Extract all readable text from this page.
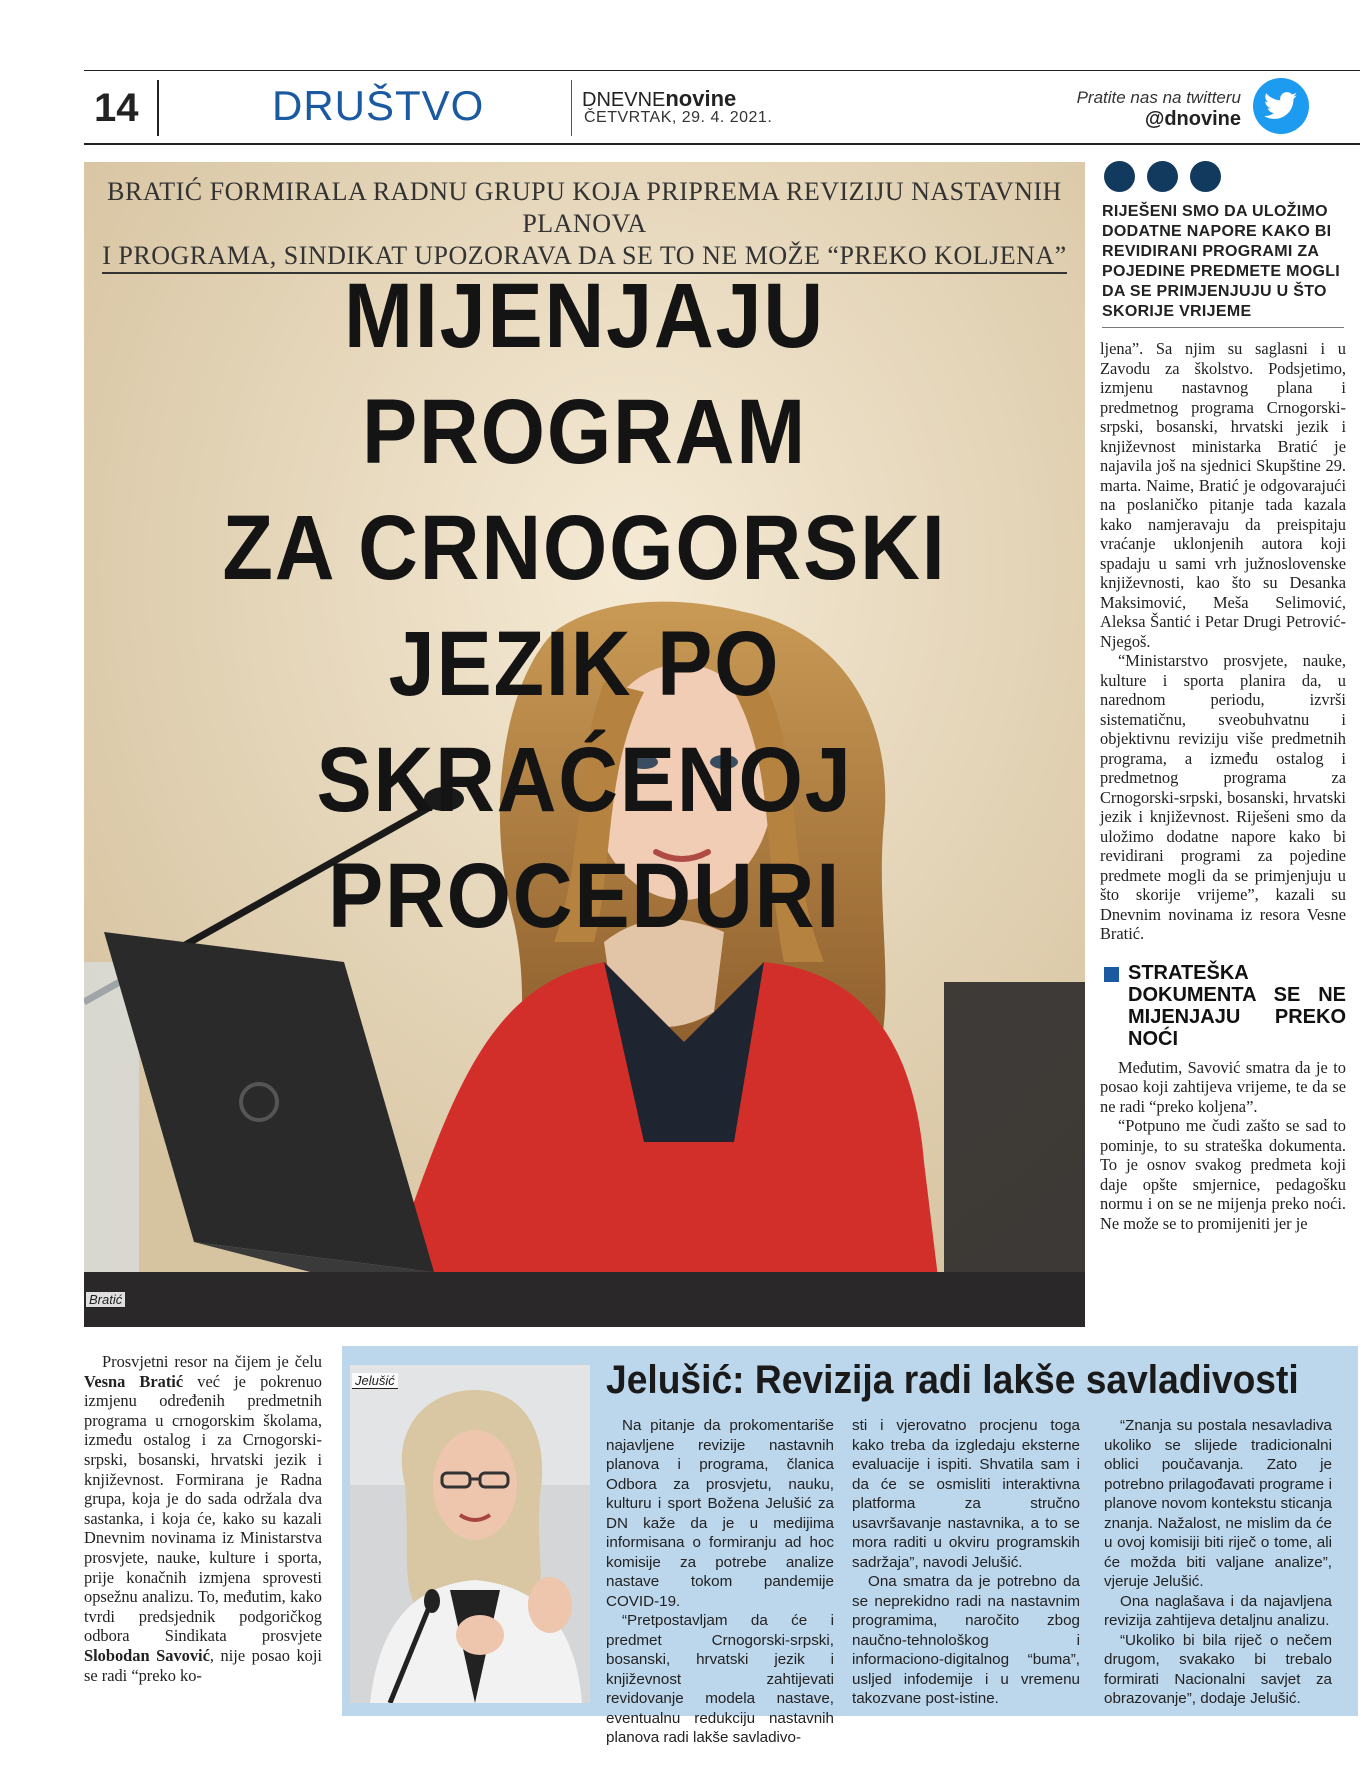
14	DRUŠTVO	DNEVNEnovine
ČETVRTAK, 29. 4. 2021.
Pratite nas na twitteru
@dnovine
BRATIĆ FORMIRALA RADNU GRUPU KOJA PRIPREMA REVIZIJU NASTAVNIH PLANOVA
I PROGRAMA, SINDIKAT UPOZORAVA DA SE TO NE MOŽE “PREKO KOLJENA”
MIJENJAJU PROGRAM
ZA CRNOGORSKI JEZIK PO
SKRAĆENOJ PROCEDURI
Bratić
RIJEŠENI SMO DA ULOŽIMO DODATNE NAPORE KAKO BI REVIDIRANI PROGRAMI ZA POJEDINE PREDMETE MOGLI DA SE PRIMJENJUJU U ŠTO SKORIJE VRIJEME

ljena”. Sa njim su saglasni i u Zavodu za školstvo. Podsjetimo, izmjenu nastavnog plana i predmetnog programa Crnogorski-srpski, bosanski, hrvatski jezik i književnost ministarka Bratić je najavila još na sjednici Skupštine 29. marta. Naime, Bratić je odgovarajući na poslaničko pitanje tada kazala kako namjeravaju da preispitaju vraćanje uklonjenih autora koji spadaju u sami vrh južnoslovenske književnosti, kao što su Desanka Maksimović, Meša Selimović, Aleksa Šantić i Petar Drugi Petrović-Njegoš.

“Ministarstvo prosvjete, nauke, kulture i sporta planira da, u narednom periodu, izvrši sistematičnu, sveobuhvatnu i objektivnu reviziju više predmetnih programa, a između ostalog i predmetnog programa za Crnogorski-srpski, bosanski, hrvatski jezik i književnost. Riješeni smo da uložimo dodatne napore kako bi revidirani programi za pojedine predmete mogli da se primjenjuju u što skorije vrijeme”, kazali su Dnevnim novinama iz resora Vesne Bratić.

STRATEŠKA DOKUMENTA SE NE MIJENJAJU PREKO NOĆI

Međutim, Savović smatra da je to posao koji zahtijeva vrijeme, te da se ne radi “preko koljena”.

“Potpuno me čudi zašto se sad to pominje, to su strateška dokumenta. To je osnov svakog predmeta koji daje opšte smjernice, pedagošku normu i on se ne mijenja preko noći. Ne može se to promijeniti jer je

Prosvjetni resor na čijem je čelu Vesna Bratić već je pokrenuo izmjenu određenih predmetnih programa u crnogorskim školama, između ostalog i za Crnogorski-srpski, bosanski, hrvatski jezik i književnost. Formirana je Radna grupa, koja je do sada održala dva sastanka, i koja će, kako su kazali Dnevnim novinama iz Ministarstva prosvjete, nauke, kulture i sporta, prije konačnih izmjena sprovesti opsežnu analizu. To, međutim, kako tvrdi predsjednik podgoričkog odbora Sindikata prosvjete Slobodan Savović, nije posao koji se radi “preko ko-

Jelušić	Jelušić: Revizija radi lakše savladivosti

Na pitanje da prokomentariše najavljene revizije nastavnih planova i programa, članica Odbora za prosvjetu, nauku, kulturu i sport Božena Jelušić za DN kaže da je u medijima informisana o formiranju ad hoc komisije za potrebe analize nastave tokom pandemije COVID-19.

“Pretpostavljam da će i predmet Crnogorski-srpski, bosanski, hrvatski jezik i književnost zahtijevati revidovanje modela nastave, eventualnu redukciju nastavnih planova radi lakše savladivo-

sti i vjerovatno procjenu toga kako treba da izgledaju eksterne evaluacije i ispiti. Shvatila sam i da će se osmisliti interaktivna platforma za stručno usavršavanje nastavnika, a to se mora raditi u okviru programskih sadržaja”, navodi Jelušić.

Ona smatra da je potrebno da se neprekidno radi na nastavnim programima, naročito zbog naučno-tehnološkog i informaciono-digitalnog “buma”, usljed infodemije i u vremenu takozvane post-istine.

“Znanja su postala nesavladiva ukoliko se slijede tradicionalni oblici poučavanja. Zato je potrebno prilagođavati programe i planove novom kontekstu sticanja znanja. Nažalost, ne mislim da će u ovoj komisiji biti riječ o tome, ali će možda biti valjane analize”, vjeruje Jelušić.

Ona naglašava i da najavljena revizija zahtijeva detaljnu analizu.

“Ukoliko bi bila riječ o nečem drugom, svakako bi trebalo formirati Nacionalni savjet za obrazovanje”, dodaje Jelušić.
